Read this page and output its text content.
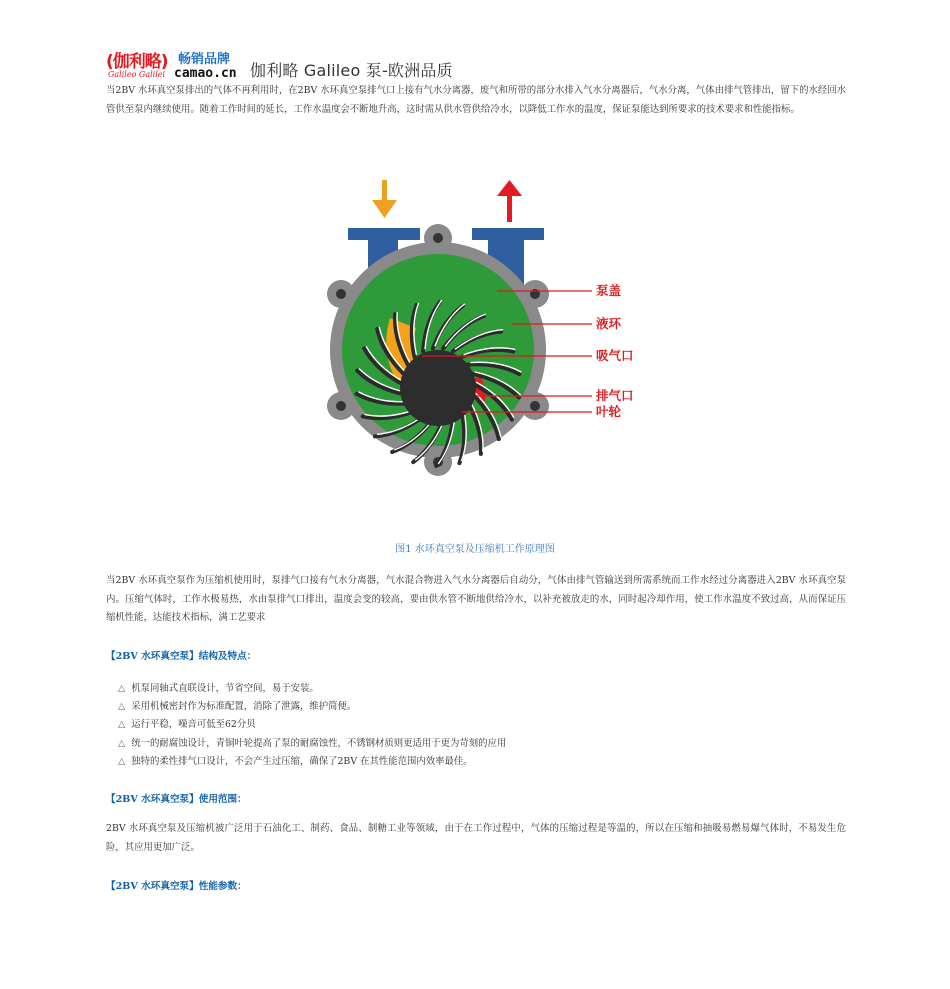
(伽利略)
Galileo Galilei
畅销品牌
camao.cn 伽利略 Galileo 泵-欧洲品质
当2BV 水环真空泵排出的气体不再利用时，在2BV 水环真空泵排气口上接有气水分离器，废气和所带的部分水排入气水分离器后，气水分离，气体由排气管排出，留下的水经回水管供至泵内继续使用。随着工作时间的延长，工作水温度会不断地升高，这时需从供水管供给冷水，以降低工作水的温度，保证泵能达到所要求的技术要求和性能指标。
泵盖
液环
吸气口
排气口
叶轮
图1 水环真空泵及压缩机工作原理图
当2BV 水环真空泵作为压缩机使用时，泵排气口接有气水分离器，气水混合物进入气水分离器后自动分，气体由排气管输送到所需系统而工作水经过分离器进入2BV 水环真空泵内。压缩气体时，工作水极易热，水由泵排气口排出，温度会变的较高，要由供水管不断地供给冷水，以补充被放走的水，同时起冷却作用，使工作水温度不致过高，从而保证压缩机性能，达能技术指标，满工艺要求
【2BV 水环真空泵】结构及特点：
△ 机泵同轴式直联设计，节省空间，易于安装。
△ 采用机械密封作为标准配置，消除了泄露，维护简便。
△ 运行平稳，噪音可低至62分贝
△ 统一的耐腐蚀设计，青铜叶轮提高了泵的耐腐蚀性，不锈钢材质则更适用于更为苛刻的应用
△ 独特的柔性排气口设计，不会产生过压缩，确保了2BV 在其性能范围内效率最佳。
【2BV 水环真空泵】使用范围：
2BV 水环真空泵及压缩机被广泛用于石油化工、制药、食品、制糖工业等领域，由于在工作过程中，气体的压缩过程是等温的，所以在压缩和抽吸易燃易爆气体时，不易发生危险，其应用更加广泛。
【2BV 水环真空泵】性能参数：
